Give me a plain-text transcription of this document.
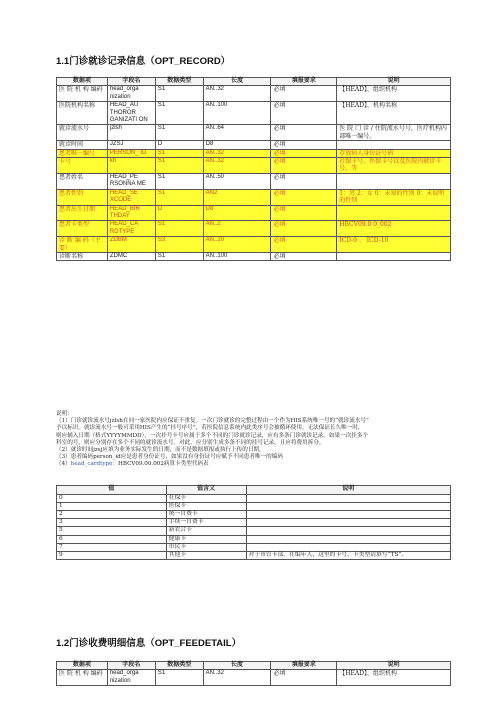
1.1门诊就诊记录信息（OPT_RECORD）
数据项	字段名	数据类型	长度	填报要求	说明
医 院 机 构 编码	head_orga nization	S1	AN..32	必填	【HEAD】，组织机构
医院机构名称	HEAD_AU THOROR GANIZATI ON	S1	AN..100	必填	【HEAD】，机构名称
就诊流水号	jzlsh	S1	AN..64	必填	医 院 门 诊 / 住院流水号号，医疗机构内部唯一编号。
就诊时间	JZSJ	D	D8	必填	
患者唯一编号	PERSON_ ID	S1	AN..32	必填	存放病人身份证号码
卡号	kh	S1	AN..32	必填	社保卡号、医保卡号以及医院内就诊卡号，等
患者姓名	HEAD_PE RSONNA ME	S1	AN..50	必填	
患者性别	HEAD_SE XCODE	S1	AN2	必填	1：男 2：女 0：未知的性别 9：未说明的性别
患者出生日期	HEAD_BIR THDAY	D	D8	必填	
患者卡类型	HEAD_CA RDTYPE	S1	AN..2	必填	HBCV09.0 0_002
诊 断 编 码（主要）	ZDBM	S3	AN..20	必填	ICD-9 、 ICD-10
诊断名称	ZDMC	S1	AN..100	必填	
说明：
（1）门诊就诊流水号jzlsh在同一家医院内应保证不重复。一次门诊就诊的完整过程由一个作为HIS系统唯一号的“就诊流水号”
予以标识。就诊流水号一般可采用HIS产生的“挂号序号”，若医院信息系统内此类序号会被循环使用，无法保证长久唯一时，
则应辅入日期（格式YYYYMMDD），一次挂号卡号应属于多个不同的门诊就诊记录，应有多条门诊就诊记录。如果一次挂多个
科室的号，则应分别存在多个不同的就诊流水号。对此，应分别生成多条不同的挂号记录，且应将费用拆分。
（2）就诊时间jzsj应填为业务实际发生的日期，而不是数据填报或执行上传的日期。
（3）患者编码person_id应是患者身份证号，如果没有身份证号应赋予不同患者唯一的编码
（4）head_cardtype：HBCV09.00.002病算卡类型代码表
值	值含义	说明
0	社保卡	
1	医保卡	
2	统一自费卡	
3	手续一自费卡	
5	新农合卡	
6	健康卡	
7	市民卡	
9	其他卡	对于市管卡部，在编年人，这里的卡号、卡类型请填写“TS”。
1.2门诊收费明细信息（OPT_FEEDETAIL）
数据项	字段名	数据类型	长度	填报要求	说明
医 院 机 构 编码	head_orga nization	S1	AN..32	必填	【HEAD】，组织机构
